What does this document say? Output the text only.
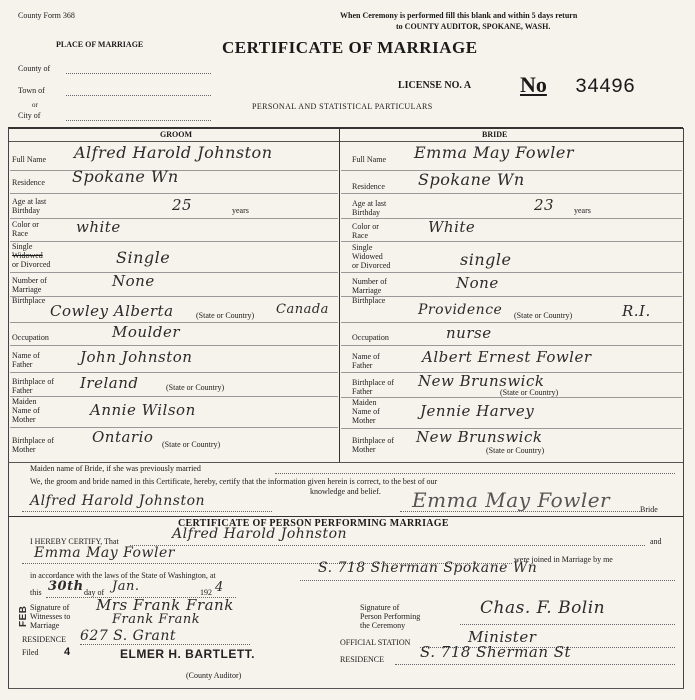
County Form 368	When Ceremony is performed fill this blank and within 5 days return
to COUNTY AUDITOR, SPOKANE, WASH.
CERTIFICATE OF MARRIAGE
PLACE OF MARRIAGE
County of
Town of
or
City of
LICENSE NO. A No 34496
PERSONAL AND STATISTICAL PARTICULARS
GROOM	BRIDE
Full Name Alfred Harold Johnston
Residence Spokane Wn
Age at last
Birthday	25	years
Color or
Race	white
Single
Widowed
or Divorced	Single
Number of
Marriage	None
Birthplace
Cowley Alberta	(State or Country) Canada
Occupation	Moulder
Name of
Father	John Johnston
Birthplace of
Father	Ireland	(State or Country)
Maiden
Name of
Mother
Annie Wilson
Birthplace of
Mother
Ontario (State or Country)
Full Name Emma May Fowler
Residence Spokane Wn
Age at last
Birthday	23 years
Color or
Race	White
Single
Widowed
or Divorced	single
Number of
Marriage	None
Birthplace
Providence (State or Country)	R.I.
Occupation	nurse
Name of
Father	Albert Ernest Fowler
Birthplace of
Father
New Brunswick
(State or Country)
Maiden
Name of
Mother
Jennie Harvey
Birthplace of
Mother
New Brunswick
(State or Country)
Maiden name of Bride, if she was previously married
We, the groom and bride named in this Certificate, hereby, certify that the information given herein is correct, to the best of our
knowledge and belief.
Alfred Harold Johnston	Emma May Fowler	Bride
CERTIFICATE OF PERSON PERFORMING MARRIAGE
I HEREBY CERTIFY, That	Alfred Harold Johnston	and
Emma May Fowler	were joined in Marriage by me
in accordance with the laws of the State of Washington, at	S. 718 Sherman Spokane Wn
this 30th day of Jan.	192 4
Signature of
Witnesses to
Marriage
Mrs Frank Frank
Frank Frank
RESIDENCE 627 S. Grant
Filed
FEB
4	ELMER H. BARTLETT.
(County Auditor)
Signature of
Person Performing
the Ceremony
Chas. F. Bolin
OFFICIAL STATION	Minister
RESIDENCE S. 718 Sherman St
